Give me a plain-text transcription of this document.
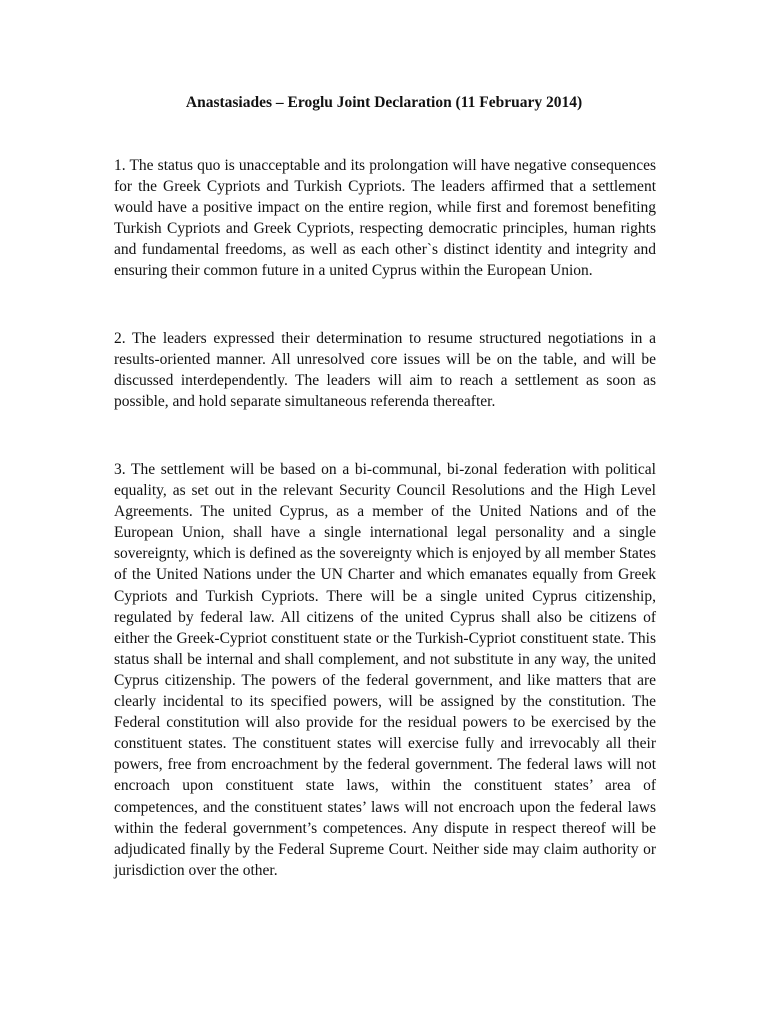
Anastasiades – Eroglu Joint Declaration (11 February 2014)

1. The status quo is unacceptable and its prolongation will have negative consequences for the Greek Cypriots and Turkish Cypriots. The leaders affirmed that a settlement would have a positive impact on the entire region, while first and foremost benefiting Turkish Cypriots and Greek Cypriots, respecting democratic principles, human rights and fundamental freedoms, as well as each other`s distinct identity and integrity and ensuring their common future in a united Cyprus within the European Union.

2. The leaders expressed their determination to resume structured negotiations in a results-oriented manner. All unresolved core issues will be on the table, and will be discussed interdependently. The leaders will aim to reach a settlement as soon as possible, and hold separate simultaneous referenda thereafter.

3. The settlement will be based on a bi-communal, bi-zonal federation with political equality, as set out in the relevant Security Council Resolutions and the High Level Agreements. The united Cyprus, as a member of the United Nations and of the European Union, shall have a single international legal personality and a single sovereignty, which is defined as the sovereignty which is enjoyed by all member States of the United Nations under the UN Charter and which emanates equally from Greek Cypriots and Turkish Cypriots. There will be a single united Cyprus citizenship, regulated by federal law. All citizens of the united Cyprus shall also be citizens of either the Greek-Cypriot constituent state or the Turkish-Cypriot constituent state. This status shall be internal and shall complement, and not substitute in any way, the united Cyprus citizenship. The powers of the federal government, and like matters that are clearly incidental to its specified powers, will be assigned by the constitution. The Federal constitution will also provide for the residual powers to be exercised by the constituent states. The constituent states will exercise fully and irrevocably all their powers, free from encroachment by the federal government. The federal laws will not encroach upon constituent state laws, within the constituent states’ area of competences, and the constituent states’ laws will not encroach upon the federal laws within the federal government’s competences. Any dispute in respect thereof will be adjudicated finally by the Federal Supreme Court. Neither side may claim authority or jurisdiction over the other.
